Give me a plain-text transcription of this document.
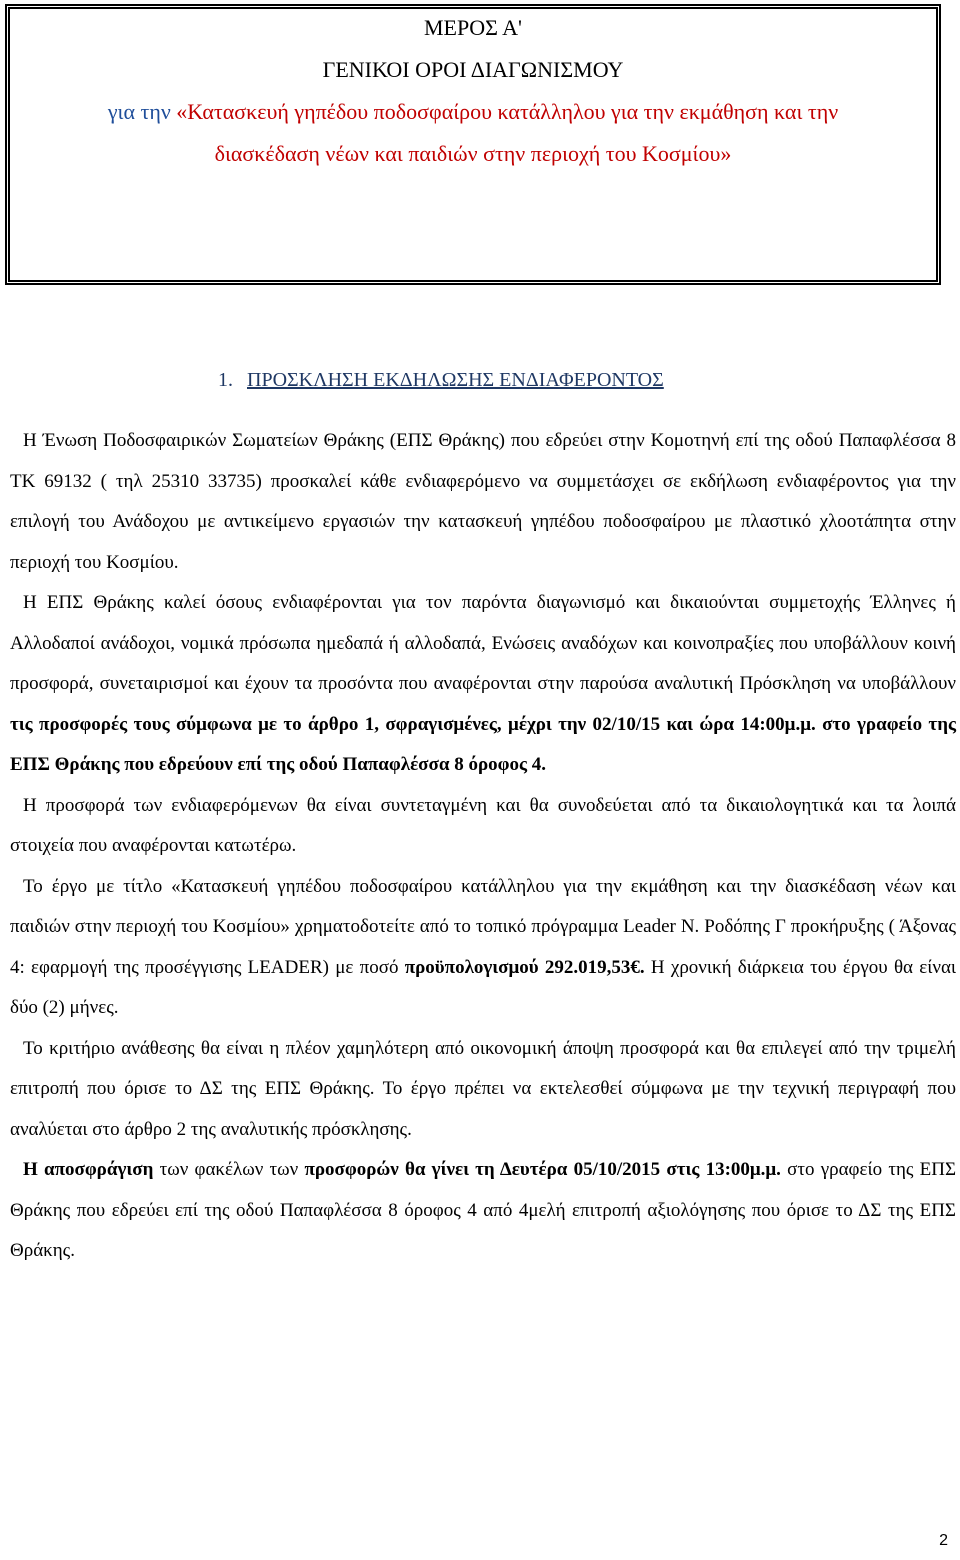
ΜΕΡΟΣ Α'
ΓΕΝΙΚΟΙ ΟΡΟΙ ΔΙΑΓΩΝΙΣΜΟΥ
για την «Κατασκευή γηπέδου ποδοσφαίρου κατάλληλου για την εκμάθηση και την
διασκέδαση νέων και παιδιών στην περιοχή του Κοσμίου»
1. ΠΡΟΣΚΛΗΣΗ ΕΚΔΗΛΩΣΗΣ ΕΝΔΙΑΦΕΡΟΝΤΟΣ

Η Ένωση Ποδοσφαιρικών Σωματείων Θράκης (ΕΠΣ Θράκης) που εδρεύει στην Κομοτηνή επί της οδού Παπαφλέσσα 8 ΤΚ 69132 ( τηλ 25310 33735) προσκαλεί κάθε ενδιαφερόμενο να συμμετάσχει σε εκδήλωση ενδιαφέροντος για την επιλογή του Ανάδοχου με αντικείμενο εργασιών την κατασκευή γηπέδου ποδοσφαίρου με πλαστικό χλοοτάπητα στην περιοχή του Κοσμίου.

Η ΕΠΣ Θράκης καλεί όσους ενδιαφέρονται για τον παρόντα διαγωνισμό και δικαιούνται συμμετοχής Έλληνες ή Αλλοδαποί ανάδοχοι, νομικά πρόσωπα ημεδαπά ή αλλοδαπά, Ενώσεις αναδόχων και κοινοπραξίες που υποβάλλουν κοινή προσφορά, συνεταιρισμοί και έχουν τα προσόντα που αναφέρονται στην παρούσα αναλυτική Πρόσκληση να υποβάλλουν τις προσφορές τους σύμφωνα με το άρθρο 1, σφραγισμένες, μέχρι την 02/10/15 και ώρα 14:00μ.μ. στο γραφείο της ΕΠΣ Θράκης που εδρεύουν επί της οδού Παπαφλέσσα 8 όροφος 4.

Η προσφορά των ενδιαφερόμενων θα είναι συντεταγμένη και θα συνοδεύεται από τα δικαιολογητικά και τα λοιπά στοιχεία που αναφέρονται κατωτέρω.

Το έργο με τίτλο «Κατασκευή γηπέδου ποδοσφαίρου κατάλληλου για την εκμάθηση και την διασκέδαση νέων και παιδιών στην περιοχή του Κοσμίου» χρηματοδοτείτε από το τοπικό πρόγραμμα Leader Ν. Ροδόπης Γ προκήρυξης ( Άξονας 4: εφαρμογή της προσέγγισης LEADER) με ποσό προϋπολογισμού 292.019,53€. Η χρονική διάρκεια του έργου θα είναι δύο (2) μήνες.

Το κριτήριο ανάθεσης θα είναι η πλέον χαμηλότερη από οικονομική άποψη προσφορά και θα επιλεγεί από την τριμελή επιτροπή που όρισε το ΔΣ της ΕΠΣ Θράκης. Το έργο πρέπει να εκτελεσθεί σύμφωνα με την τεχνική περιγραφή που αναλύεται στο άρθρο 2 της αναλυτικής πρόσκλησης.

Η αποσφράγιση των φακέλων των προσφορών θα γίνει τη Δευτέρα 05/10/2015 στις 13:00μ.μ. στο γραφείο της ΕΠΣ Θράκης που εδρεύει επί της οδού Παπαφλέσσα 8 όροφος 4 από 4μελή επιτροπή αξιολόγησης που όρισε το ΔΣ της ΕΠΣ Θράκης.

2
